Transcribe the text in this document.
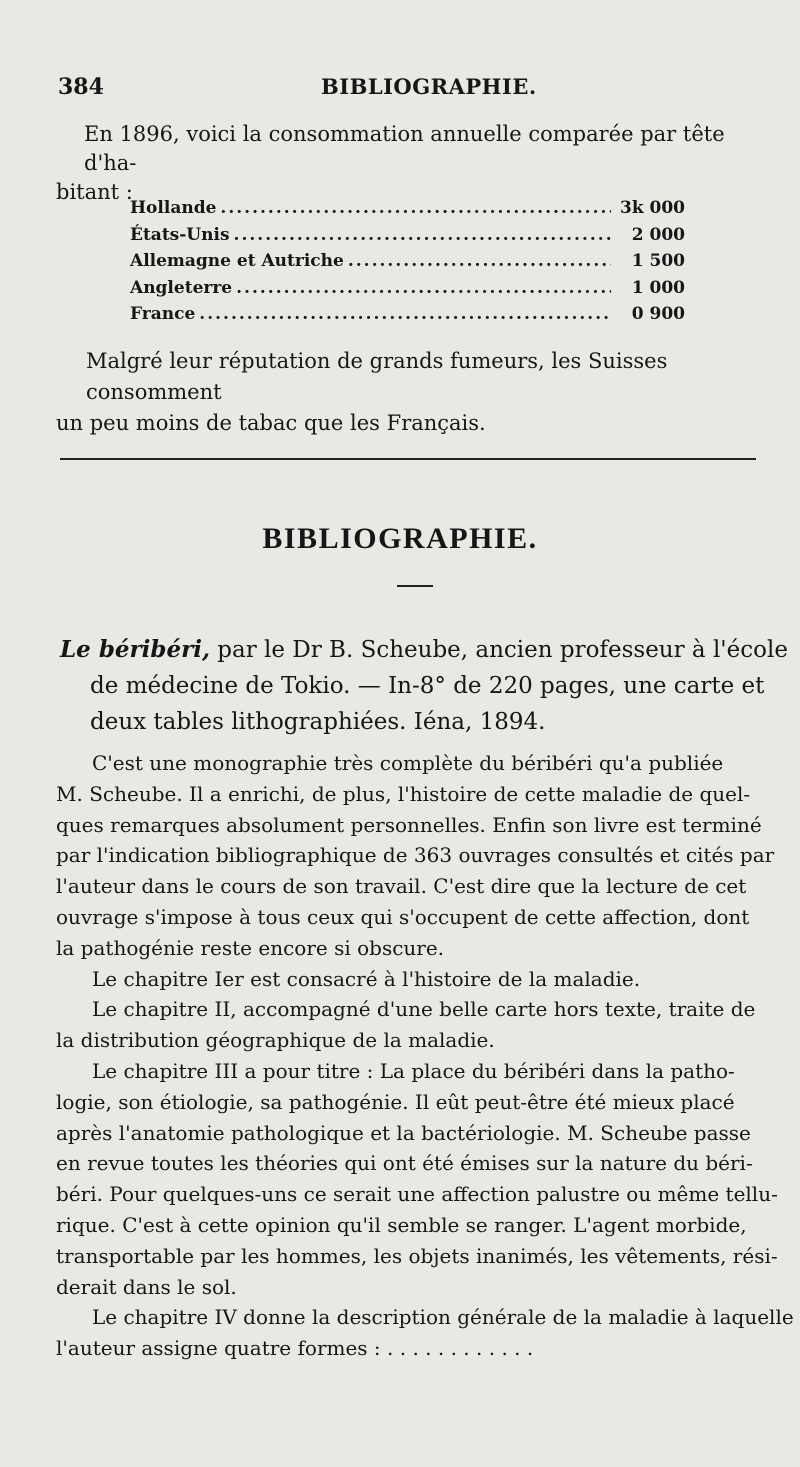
384	BIBLIOGRAPHIE.

En 1896, voici la consommation annuelle comparée par tête d'ha-
bitant :

Hollande .....	3k 000
États-Unis .....	2 000
Allemagne et Autriche .....	1 500
Angleterre .....	1 000
France .....	0 900

Malgré leur réputation de grands fumeurs, les Suisses consomment
un peu moins de tabac que les Français.

BIBLIOGRAPHIE.
Le béribéri, par le Dr B. Scheube, ancien professeur à l'école
de médecine de Tokio. — In-8° de 220 pages, une carte et
deux tables lithographiées. Iéna, 1894.
C'est une monographie très complète du béribéri qu'a publiée
M. Scheube. Il a enrichi, de plus, l'histoire de cette maladie de quel-
ques remarques absolument personnelles. Enfin son livre est terminé
par l'indication bibliographique de 363 ouvrages consultés et cités par
l'auteur dans le cours de son travail. C'est dire que la lecture de cet
ouvrage s'impose à tous ceux qui s'occupent de cette affection, dont
la pathogénie reste encore si obscure.
Le chapitre Ier est consacré à l'histoire de la maladie.
Le chapitre II, accompagné d'une belle carte hors texte, traite de
la distribution géographique de la maladie.
Le chapitre III a pour titre : La place du béribéri dans la patho-
logie, son étiologie, sa pathogénie. Il eût peut-être été mieux placé
après l'anatomie pathologique et la bactériologie. M. Scheube passe
en revue toutes les théories qui ont été émises sur la nature du béri-
béri. Pour quelques-uns ce serait une affection palustre ou même tellu-
rique. C'est à cette opinion qu'il semble se ranger. L'agent morbide,
transportable par les hommes, les objets inanimés, les vêtements, rési-
derait dans le sol.
Le chapitre IV donne la description générale de la maladie à laquelle
l'auteur assigne quatre formes : . . . . . . . . . . . .
